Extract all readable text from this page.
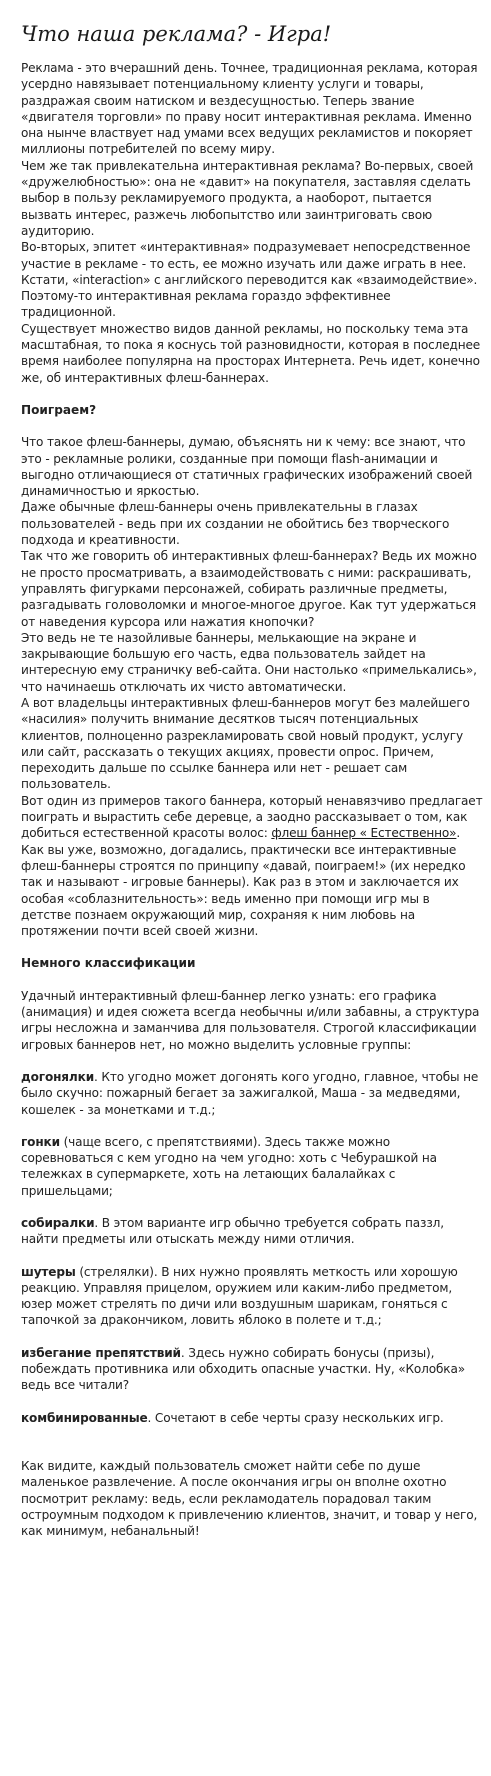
Что наша реклама? - Игра!

Реклама - это вчерашний день. Точнее, традиционная реклама, которая усердно навязывает потенциальному клиенту услуги и товары, раздражая своим натиском и вездесущностью. Теперь звание «двигателя торговли» по праву носит интерактивная реклама. Именно она нынче властвует над умами всех ведущих рекламистов и покоряет миллионы потребителей по всему миру.

Чем же так привлекательна интерактивная реклама? Во-первых, своей «дружелюбностью»: она не «давит» на покупателя, заставляя сделать выбор в пользу рекламируемого продукта, а наоборот, пытается вызвать интерес, разжечь любопытство или заинтриговать свою аудиторию.

Во-вторых, эпитет «интерактивная» подразумевает непосредственное участие в рекламе - то есть, ее можно изучать или даже играть в нее. Кстати, «interaction» с английского переводится как «взаимодействие». Поэтому-то интерактивная реклама гораздо эффективнее традиционной.

Существует множество видов данной рекламы, но поскольку тема эта масштабная, то пока я коснусь той разновидности, которая в последнее время наиболее популярна на просторах Интернета. Речь идет, конечно же, об интерактивных флеш-баннерах.

Поиграем?

Что такое флеш-баннеры, думаю, объяснять ни к чему: все знают, что это - рекламные ролики, созданные при помощи flash-анимации и выгодно отличающиеся от статичных графических изображений своей динамичностью и яркостью.

Даже обычные флеш-баннеры очень привлекательны в глазах пользователей - ведь при их создании не обойтись без творческого подхода и креативности.

Так что же говорить об интерактивных флеш-баннерах? Ведь их можно не просто просматривать, а взаимодействовать с ними: раскрашивать, управлять фигурками персонажей, собирать различные предметы, разгадывать головоломки и многое-многое другое. Как тут удержаться от наведения курсора или нажатия кнопочки?

Это ведь не те назойливые баннеры, мелькающие на экране и закрывающие большую его часть, едва пользователь зайдет на интересную ему страничку веб-сайта. Они настолько «примелькались», что начинаешь отключать их чисто автоматически.

А вот владельцы интерактивных флеш-баннеров могут без малейшего «насилия» получить внимание десятков тысяч потенциальных клиентов, полноценно разрекламировать свой новый продукт, услугу или сайт, рассказать о текущих акциях, провести опрос. Причем, переходить дальше по ссылке баннера или нет - решает сам пользователь.

Вот один из примеров такого баннера, который ненавязчиво предлагает поиграть и вырастить себе деревце, а заодно рассказывает о том, как добиться естественной красоты волос: флеш баннер « Естественно».

Как вы уже, возможно, догадались, практически все интерактивные флеш-баннеры строятся по принципу «давай, поиграем!» (их нередко так и называют - игровые баннеры). Как раз в этом и заключается их особая «соблазнительность»: ведь именно при помощи игр мы в детстве познаем окружающий мир, сохраняя к ним любовь на протяжении почти всей своей жизни.

Немного классификации

Удачный интерактивный флеш-баннер легко узнать: его графика (анимация) и идея сюжета всегда необычны и/или забавны, а структура игры несложна и заманчива для пользователя. Строгой классификации игровых баннеров нет, но можно выделить условные группы:

догонялки. Кто угодно может догонять кого угодно, главное, чтобы не было скучно: пожарный бегает за зажигалкой, Маша - за медведями, кошелек - за монетками и т.д.;

гонки (чаще всего, с препятствиями). Здесь также можно соревноваться с кем угодно на чем угодно: хоть с Чебурашкой на тележках в супермаркете, хоть на летающих балалайках с пришельцами;

собиралки. В этом варианте игр обычно требуется собрать паззл, найти предметы или отыскать между ними отличия.

шутеры (стрелялки). В них нужно проявлять меткость или хорошую реакцию. Управляя прицелом, оружием или каким-либо предметом, юзер может стрелять по дичи или воздушным шарикам, гоняться с тапочкой за дракончиком, ловить яблоко в полете и т.д.;

избегание препятствий. Здесь нужно собирать бонусы (призы), побеждать противника или обходить опасные участки. Ну, «Колобка» ведь все читали?

комбинированные. Сочетают в себе черты сразу нескольких игр.

Как видите, каждый пользователь сможет найти себе по душе маленькое развлечение. А после окончания игры он вполне охотно посмотрит рекламу: ведь, если рекламодатель порадовал таким остроумным подходом к привлечению клиентов, значит, и товар у него, как минимум, небанальный!
